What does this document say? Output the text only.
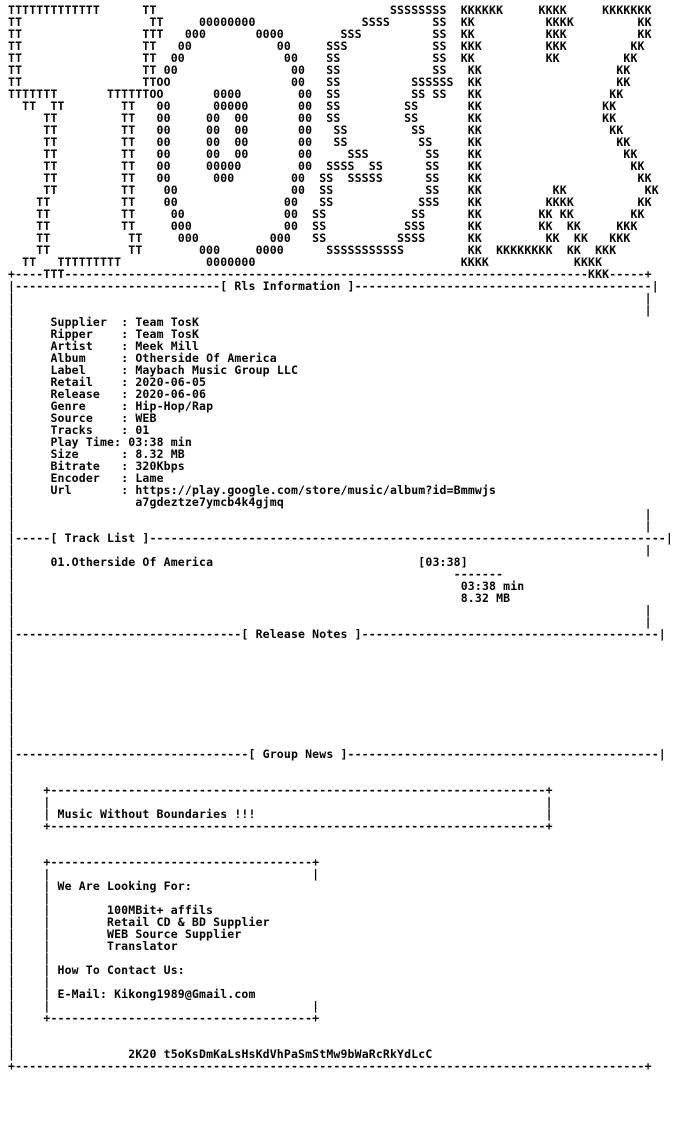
TTTTTTTTTTTTT      TT                                 SSSSSSSS  KKKKKK     KKKK     KKKKKKK
TT                  TT     00000000               SSSS      SS  KK          KKKK         KK
TT                 TTT   000       0000        SSS          SS  KK          KKK          KK
TT                 TT   00            00     SSS            SS  KKK         KKK         KK
TT                 TT  00              00    SS             SS  KK          KK         KK
TT                 TT 00                00   SS             SS   KK                   KK
TT                 TTOO                 00   SS          SSSSSS  KK                   KK
TTTTTTT       TTTTTTOO       0000        00  SS          SS SS   KK                  KK
TT  TT        TT   00      00000       00  SS         SS       KK                 KK
TT         TT   00     00  00       00  SS         SS       KK                 KK
TT         TT   00     00  00       00   SS         SS      KK                  KK
TT         TT   00     00  00       00   SS          SS     KK                   KK
TT         TT   00     00  00       00     SSS        SS    KK                    KK
TT         TT   00     00000        00  SSSS  SS      SS    KK                     KK
TT         TT   00      000        00  SS  SSSSS      SS    KK                      KK
TT         TT    00                00  SS             SS    KK          KK           KK
TT          TT    00               00   SS            SSS    KK         KKKK         KK
TT          TT     00              00  SS            SS      KK        KK KK        KK
TT          TT     000             00  SS           SSS      KK        KK  KK     KKK
TT           TT     000          000   SS          SSSS      KK         KK  KK   KKK
TT           TT        000     0000      SSSSSSSSSSS         KK  KKKKKKKK  KK  KKK
TT   TTTTTTTTT            0000000                             KKKK            KKKK
+----TTT--------------------------------------------------------------------------KKK-----+
|-----------------------------[ Rls Information ]------------------------------------------|
|                                                                                         |
|                                                                                         |
|	Supplier  : Team TosK
|	Ripper    : Team TosK
|	Artist    : Meek Mill
|	Album     : Otherside Of America
|	Label     : Maybach Music Group LLC
|	Retail    : 2020-06-05
|	Release   : 2020-06-06
|	Genre     : Hip-Hop/Rap
|	Source    : WEB
|	Tracks    : 01
|	Play Time: 03:38 min
|	Size      : 8.32 MB
|	Bitrate   : 320Kbps
|	Encoder   : Lame
|	Url       : https://play.google.com/store/music/album?id=Bmmwjs
|	a7gdeztze7ymcb4k4gjmq
|                                                                                         |
|                                                                                         |
|-----[ Track List ]-------------------------------------------------------------------------|
|                                                                                         |
|	01.Otherside Of America	[03:38]
|	-------
|	03:38 min
|	8.32 MB
|                                                                                         |
|                                                                                         |
|--------------------------------[ Release Notes ]------------------------------------------|
|
|
|
|
|
|
|
|
|
|---------------------------------[ Group News ]--------------------------------------------|
|
|
|    +----------------------------------------------------------------------+
|    |                                                                      |
|    | Music Without Boundaries !!!	|
|    +----------------------------------------------------------------------+
|
|
|    +-------------------------------------+
|    |                                     |
|    | We Are Looking For:
|    |
|    |	100MBit+ affils
|    |	Retail CD & BD Supplier
|    |	WEB Source Supplier
|    |	Translator
|    |
|    | How To Contact Us:
|    |
|    | E-Mail: Kikong1989@Gmail.com
|    |                                     |
|    +-------------------------------------+
|
|
|	2K20 t5oKsDmKaLsHsKdVhPaSmStMw9bWaRcRkYdLcC
+-----------------------------------------------------------------------------------------+
